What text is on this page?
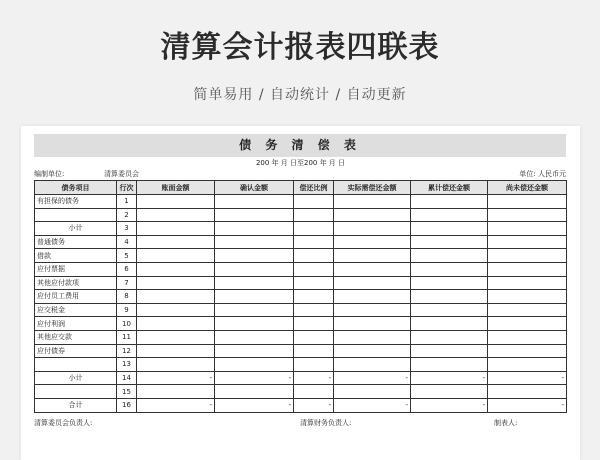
清算会计报表四联表
简单易用 / 自动统计 / 自动更新
债 务 清 偿 表
200 年 月 日至200 年 月 日
编制单位:	清算委员会	单位: 人民币元
债务项目	行次	账面金额	确认金额	偿还比例	实际需偿还金额	累计偿还金额	尚未偿还金额
有担保的债务	1						
	2						
小计	3						
普通债务	4						
借款	5						
应付票据	6						
其他应付款项	7						
应付员工费用	8						
应交税金	9						
应付利润	10						
其他应交款	11						
应付债券	12						
	13						
小计	14	-	-	-	-	-	-
	15						
合计	16	-	-	-	-	-	-
清算委员会负责人:	清算财务负责人:	制表人:
